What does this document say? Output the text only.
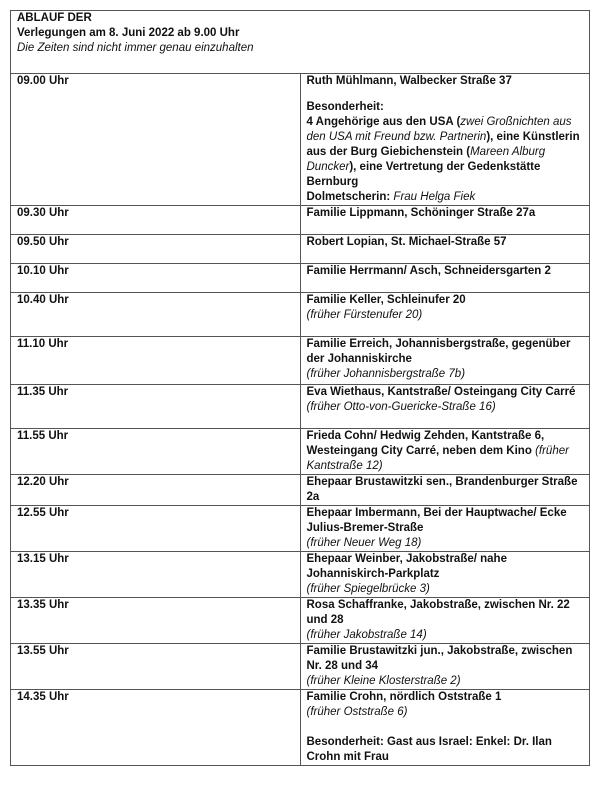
ABLAUF DER
Verlegungen am 8. Juni 2022 ab 9.00 Uhr
Die Zeiten sind nicht immer genau einzuhalten	

09.00 Uhr	Ruth Mühlmann, Walbecker Straße 37
Besonderheit:
4 Angehörige aus den USA (zwei Großnichten aus den USA mit Freund bzw. Partnerin), eine Künstlerin aus der Burg Giebichenstein (Mareen Alburg Duncker), eine Vertretung der Gedenkstätte Bernburg
Dolmetscherin: Frau Helga Fiek

09.30 Uhr	Familie Lippmann, Schöninger Straße 27a

09.50 Uhr	Robert Lopian, St. Michael-Straße 57

10.10 Uhr	Familie Herrmann/ Asch, Schneidersgarten 2

10.40 Uhr	Familie Keller, Schleinufer 20
(früher Fürstenufer 20)

11.10 Uhr	Familie Erreich, Johannisbergstraße, gegenüber der Johanniskirche
(früher Johannisbergstraße 7b)

11.35 Uhr	Eva Wiethaus, Kantstraße/ Osteingang City Carré
(früher Otto-von-Guericke-Straße 16)

11.55 Uhr	Frieda Cohn/ Hedwig Zehden, Kantstraße 6, Westeingang City Carré, neben dem Kino (früher Kantstraße 12)

12.20 Uhr	Ehepaar Brustawitzki sen., Brandenburger Straße 2a

12.55 Uhr	Ehepaar Imbermann, Bei der Hauptwache/ Ecke Julius-Bremer-Straße
(früher Neuer Weg 18)

13.15 Uhr	Ehepaar Weinber, Jakobstraße/ nahe Johanniskirch-Parkplatz
(früher Spiegelbrücke 3)

13.35 Uhr	Rosa Schaffranke, Jakobstraße, zwischen Nr. 22 und 28
(früher Jakobstraße 14)

13.55 Uhr	Familie Brustawitzki jun., Jakobstraße, zwischen Nr. 28 und 34
(früher Kleine Klosterstraße 2)

14.35 Uhr	Familie Crohn, nördlich Oststraße 1
(früher Oststraße 6)
Besonderheit: Gast aus Israel: Enkel: Dr. Ilan Crohn mit Frau
